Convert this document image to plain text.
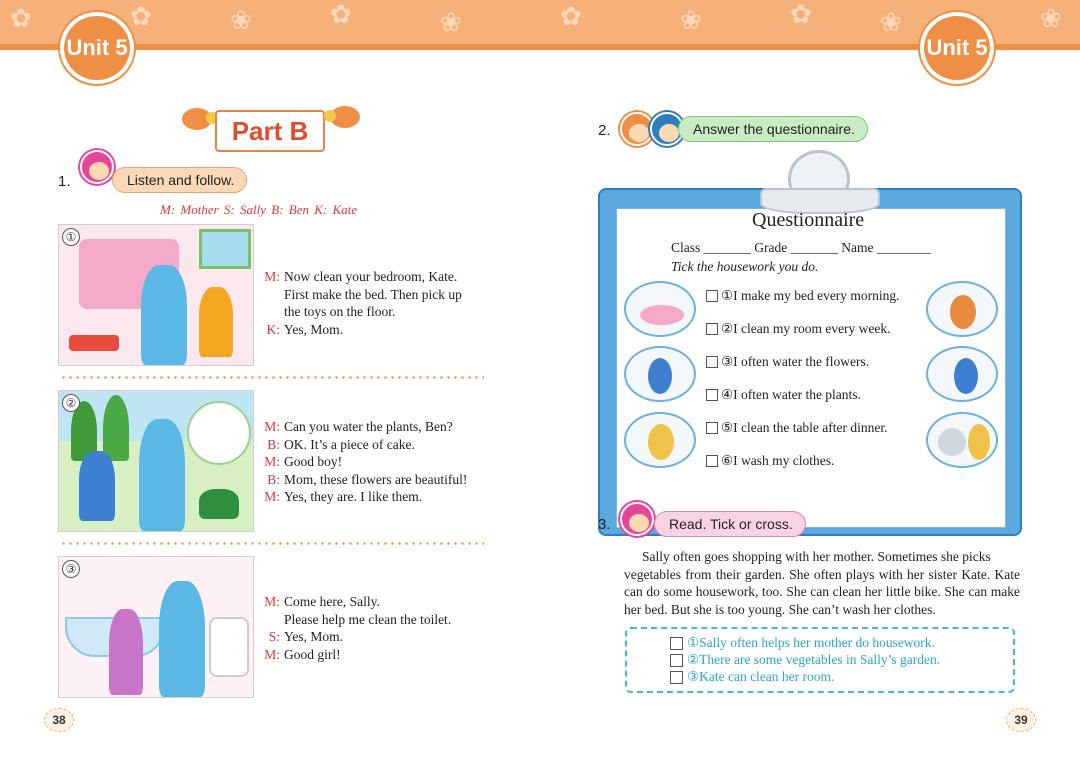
✿	❀	✿	❀	✿	❀	✿	❀
✿	❀
Unit 5	Unit 5
Part B
1.	Listen and follow.
M: Mother S: Sally B: Ben K: Kate
①
M: Now clean your bedroom, Kate.
First make the bed. Then pick up
the toys on the floor.
K: Yes, Mom.
②
M: Can you water the plants, Ben?
B: OK. It’s a piece of cake.
M: Good boy!
B: Mom, these flowers are beautiful!
M: Yes, they are. I like them.
③
M: Come here, Sally.
Please help me clean the toilet.
S: Yes, Mom.
M: Good girl!
38
2.	Answer the questionnaire.
Questionnaire
Class _______ Grade _______ Name ________
Tick the housework you do.
①I make my bed every morning.
②I clean my room every week.
③I often water the flowers.
④I often water the plants.
⑤I clean the table after dinner.
⑥I wash my clothes.
3.	Read. Tick or cross.
Sally often goes shopping with her mother. Sometimes she picks
vegetables from their garden. She often plays with her sister Kate. Kate can do some housework, too. She can clean her little bike. She can make her bed. But she is too young. She can’t wash her clothes.
①Sally often helps her mother do housework.
②There are some vegetables in Sally’s garden.
③Kate can clean her room.
39
